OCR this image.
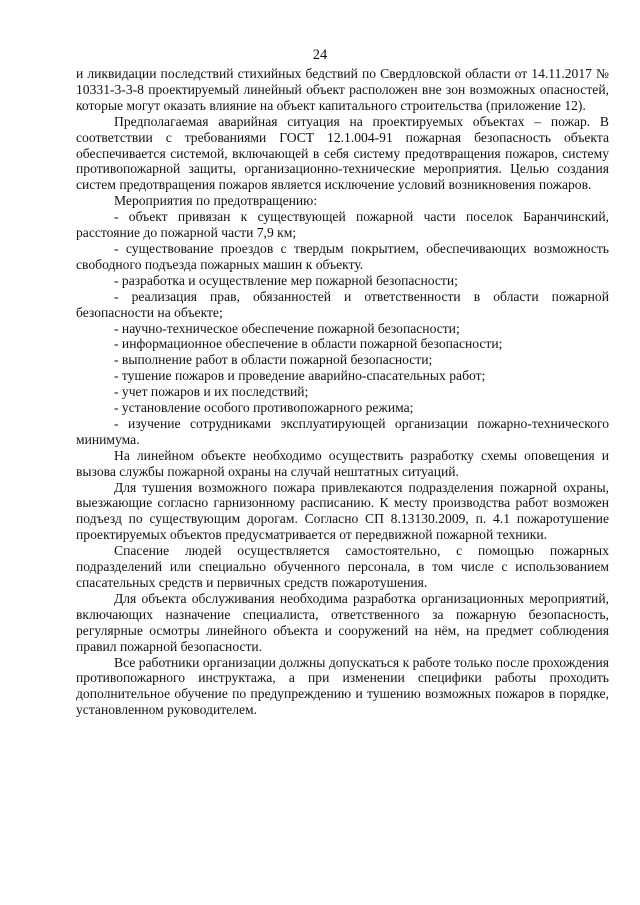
24

и ликвидации последствий стихийных бедствий по Свердловской области от 14.11.2017 № 10331-3-3-8 проектируемый линейный объект расположен вне зон возможных опасностей, которые могут оказать влияние на объект капитального строительства (приложение 12).

Предполагаемая аварийная ситуация на проектируемых объектах – пожар. В соответствии с требованиями ГОСТ 12.1.004-91 пожарная безопасность объекта обеспечивается системой, включающей в себя систему предотвращения пожаров, систему противопожарной защиты, организационно-технические мероприятия. Целью создания систем предотвращения пожаров является исключение условий возникновения пожаров.

Мероприятия по предотвращению:

- объект привязан к существующей пожарной части поселок Баранчинский, расстояние до пожарной части 7,9 км;

- существование проездов с твердым покрытием, обеспечивающих возможность свободного подъезда пожарных машин к объекту.

- разработка и осуществление мер пожарной безопасности;

- реализация прав, обязанностей и ответственности в области пожарной безопасности на объекте;

- научно-техническое обеспечение пожарной безопасности;

- информационное обеспечение в области пожарной безопасности;

- выполнение работ в области пожарной безопасности;

- тушение пожаров и проведение аварийно-спасательных работ;

- учет пожаров и их последствий;

- установление особого противопожарного режима;

- изучение сотрудниками эксплуатирующей организации пожарно-технического минимума.

На линейном объекте необходимо осуществить разработку схемы оповещения и вызова службы пожарной охраны на случай нештатных ситуаций.

Для тушения возможного пожара привлекаются подразделения пожарной охраны, выезжающие согласно гарнизонному расписанию. К месту производства работ возможен подъезд по существующим дорогам. Согласно СП 8.13130.2009, п. 4.1 пожаротушение проектируемых объектов предусматривается от передвижной пожарной техники.

Спасение людей осуществляется самостоятельно, с помощью пожарных подразделений или специально обученного персонала, в том числе с использованием спасательных средств и первичных средств пожаротушения.

Для объекта обслуживания необходима разработка организационных мероприятий, включающих назначение специалиста, ответственного за пожарную безопасность, регулярные осмотры линейного объекта и сооружений на нём, на предмет соблюдения правил пожарной безопасности.

Все работники организации должны допускаться к работе только после прохождения противопожарного инструктажа, а при изменении специфики работы проходить дополнительное обучение по предупреждению и тушению возможных пожаров в порядке, установленном руководителем.
